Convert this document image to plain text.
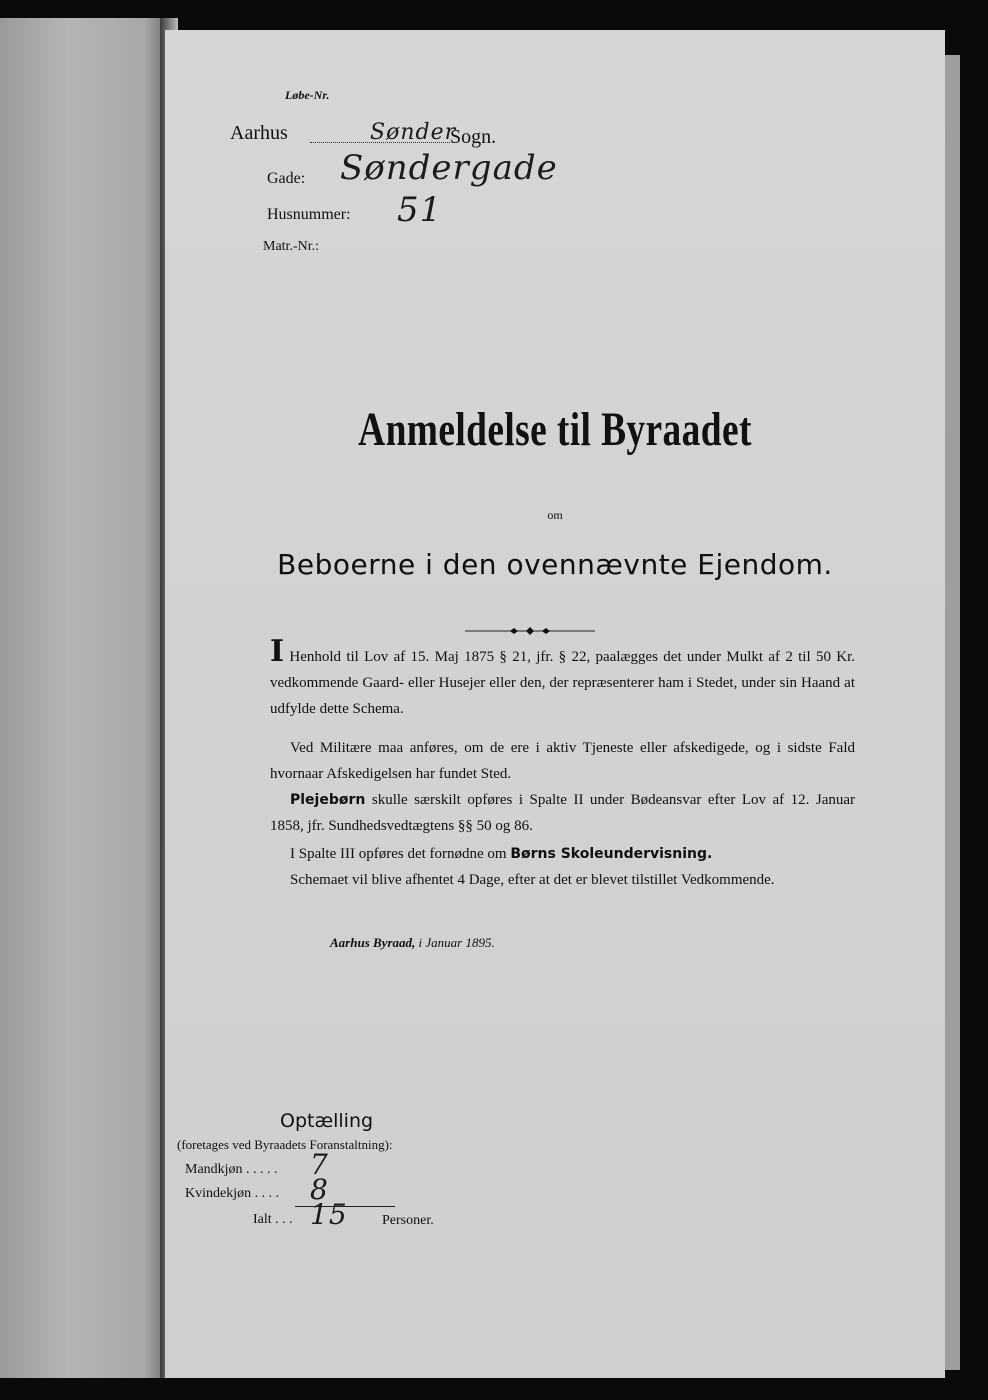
Løbe-Nr.
Aarhus	Sønder
Sogn.
Gade: Søndergade
Husnummer: 51
Matr.-Nr.:
Anmeldelse til Byraadet
om
Beboerne i den ovennævnte Ejendom.
I Henhold til Lov af 15. Maj 1875 § 21, jfr. § 22, paalægges det under Mulkt af 2 til 50 Kr. vedkommende Gaard- eller Husejer eller den, der repræsenterer ham i Stedet, under sin Haand at udfylde dette Schema.
Ved Militære maa anføres, om de ere i aktiv Tjeneste eller afskedigede, og i sidste Fald hvornaar Afskedigelsen har fundet Sted.
Plejebørn skulle særskilt opføres i Spalte II under Bødeansvar efter Lov af 12. Januar 1858, jfr. Sundhedsvedtægtens §§ 50 og 86.
I Spalte III opføres det fornødne om Børns Skoleundervisning.
Schemaet vil blive afhentet 4 Dage, efter at det er blevet tilstillet Vedkommende.
Aarhus Byraad, i Januar 1895.
Optælling
(foretages ved Byraadets Foranstaltning):
Mandkjøn . . . . . 7
Kvindekjøn . . . . 8
Ialt . . . 15 Personer.
